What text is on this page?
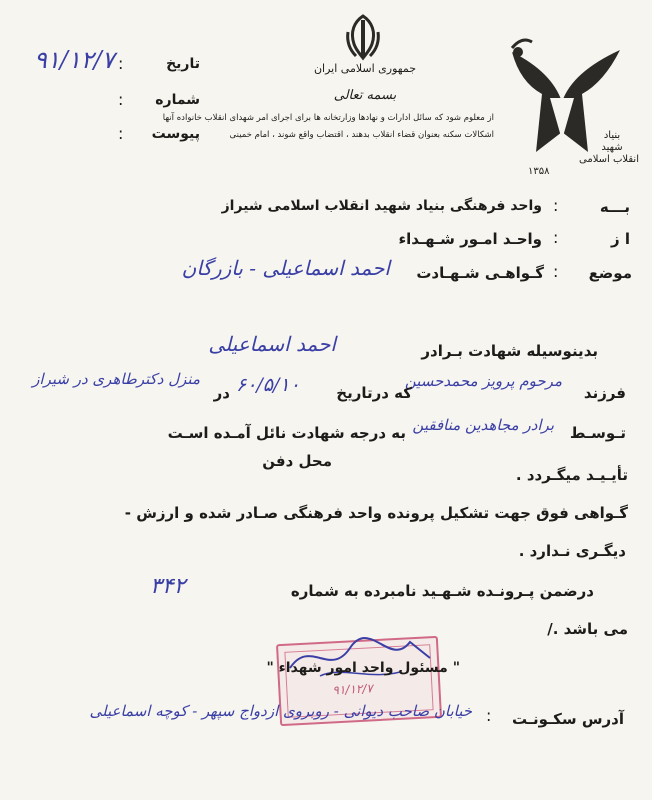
بنیاد
شهید
انقلاب اسلامی
۱۳۵۸
جمهوری اسلامی ایران
بسمه تعالی
از معلوم شود که سائل ادارات و نهادها وزارتخانه ها برای اجرای امر شهدای انقلاب خانواده آنها
اشکالات سکنه بعنوان قضاء انقلاب بدهند ، اقتضاب واقع شوند ، امام خمینی
تاریخ
:
۹۱/۱۲/۷
شماره
:
پیوست
:
بـــه
:
واحد فرهنگی بنیاد شهید انقلاب اسلامی شیراز
ا ز
:
واحـد امـور شـهـداء
موضع
:
گـواهـی شـهـادت
احمد اسماعیلی - بازرگان
بدینوسیله شهادت بـرادر
احمد اسماعیلی
فرزند
مرحوم پرویز محمدحسین
که درتاریخ
۶۰/۵/۱۰
در
منزل دکترطاهری در شیراز
تـوسـط
برادر مجاهدین منافقین
به درجه شهادت نائل آمـده اسـت
محل دفن
تأیـیـد میگـردد .
گـواهی فوق جهت تشکیل پرونده واحد فرهنگی صـادر شده و ارزش -
دیگـری نـدارد .
درضمن پـرونـده شـهـید نامبرده به شماره
۳۴۲
می باشد ./
۹۱/۱۲/۷
" مسئول واحد امور شهداء "
آدرس سکـونـت
:
خیابان صاحب دیوانی - روبروی ازدواج سپهر - کوچه اسماعیلی
